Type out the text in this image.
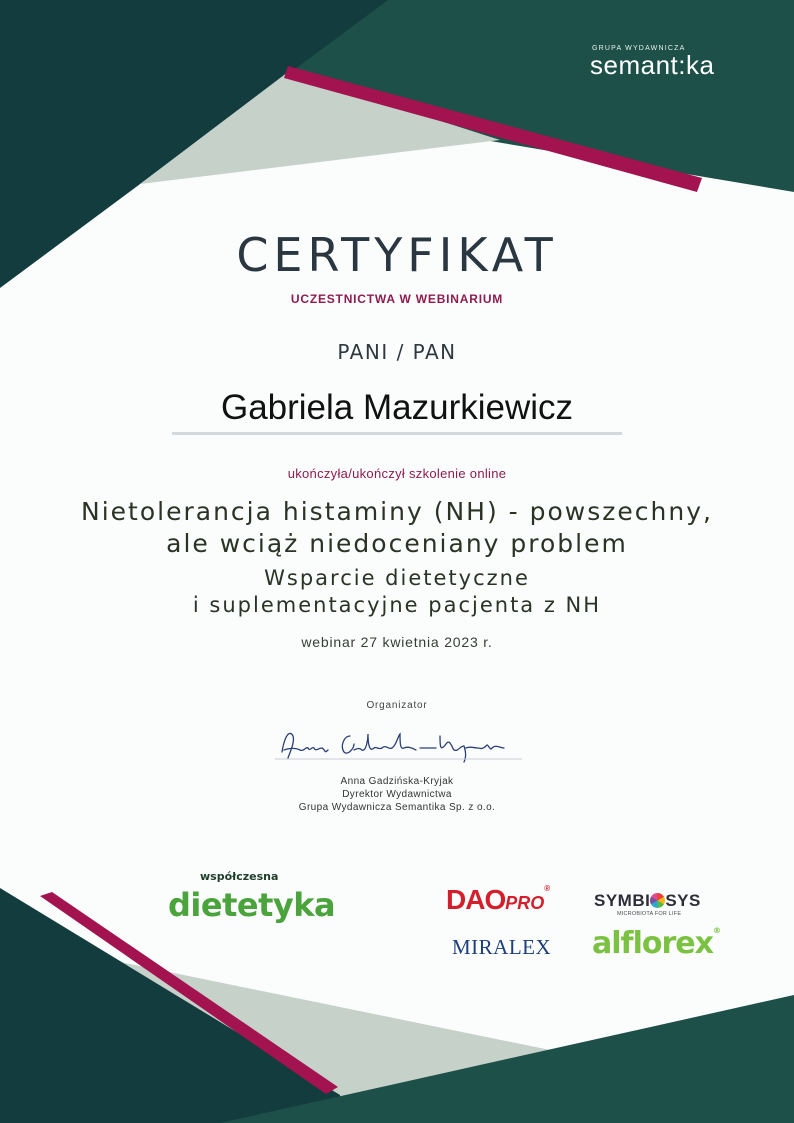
GRUPA WYDAWNICZA
semant:ka
CERTYFIKAT
UCZESTNICTWA W WEBINARIUM
PANI / PAN
Gabriela Mazurkiewicz
ukończyła/ukończył szkolenie online
Nietolerancja histaminy (NH) - powszechny,
ale wciąż niedoceniany problem
Wsparcie dietetyczne
i suplementacyjne pacjenta z NH
webinar 27 kwietnia 2023 r.
Organizator
Anna Gadzińska-Kryjak
Dyrektor Wydawnictwa
Grupa Wydawnicza Semantika Sp. z o.o.
współczesna
dietetyka	DAOPRO®
SYMBI SYS
MICROBIOTA FOR LIFE
MIRALEX alflorex®
